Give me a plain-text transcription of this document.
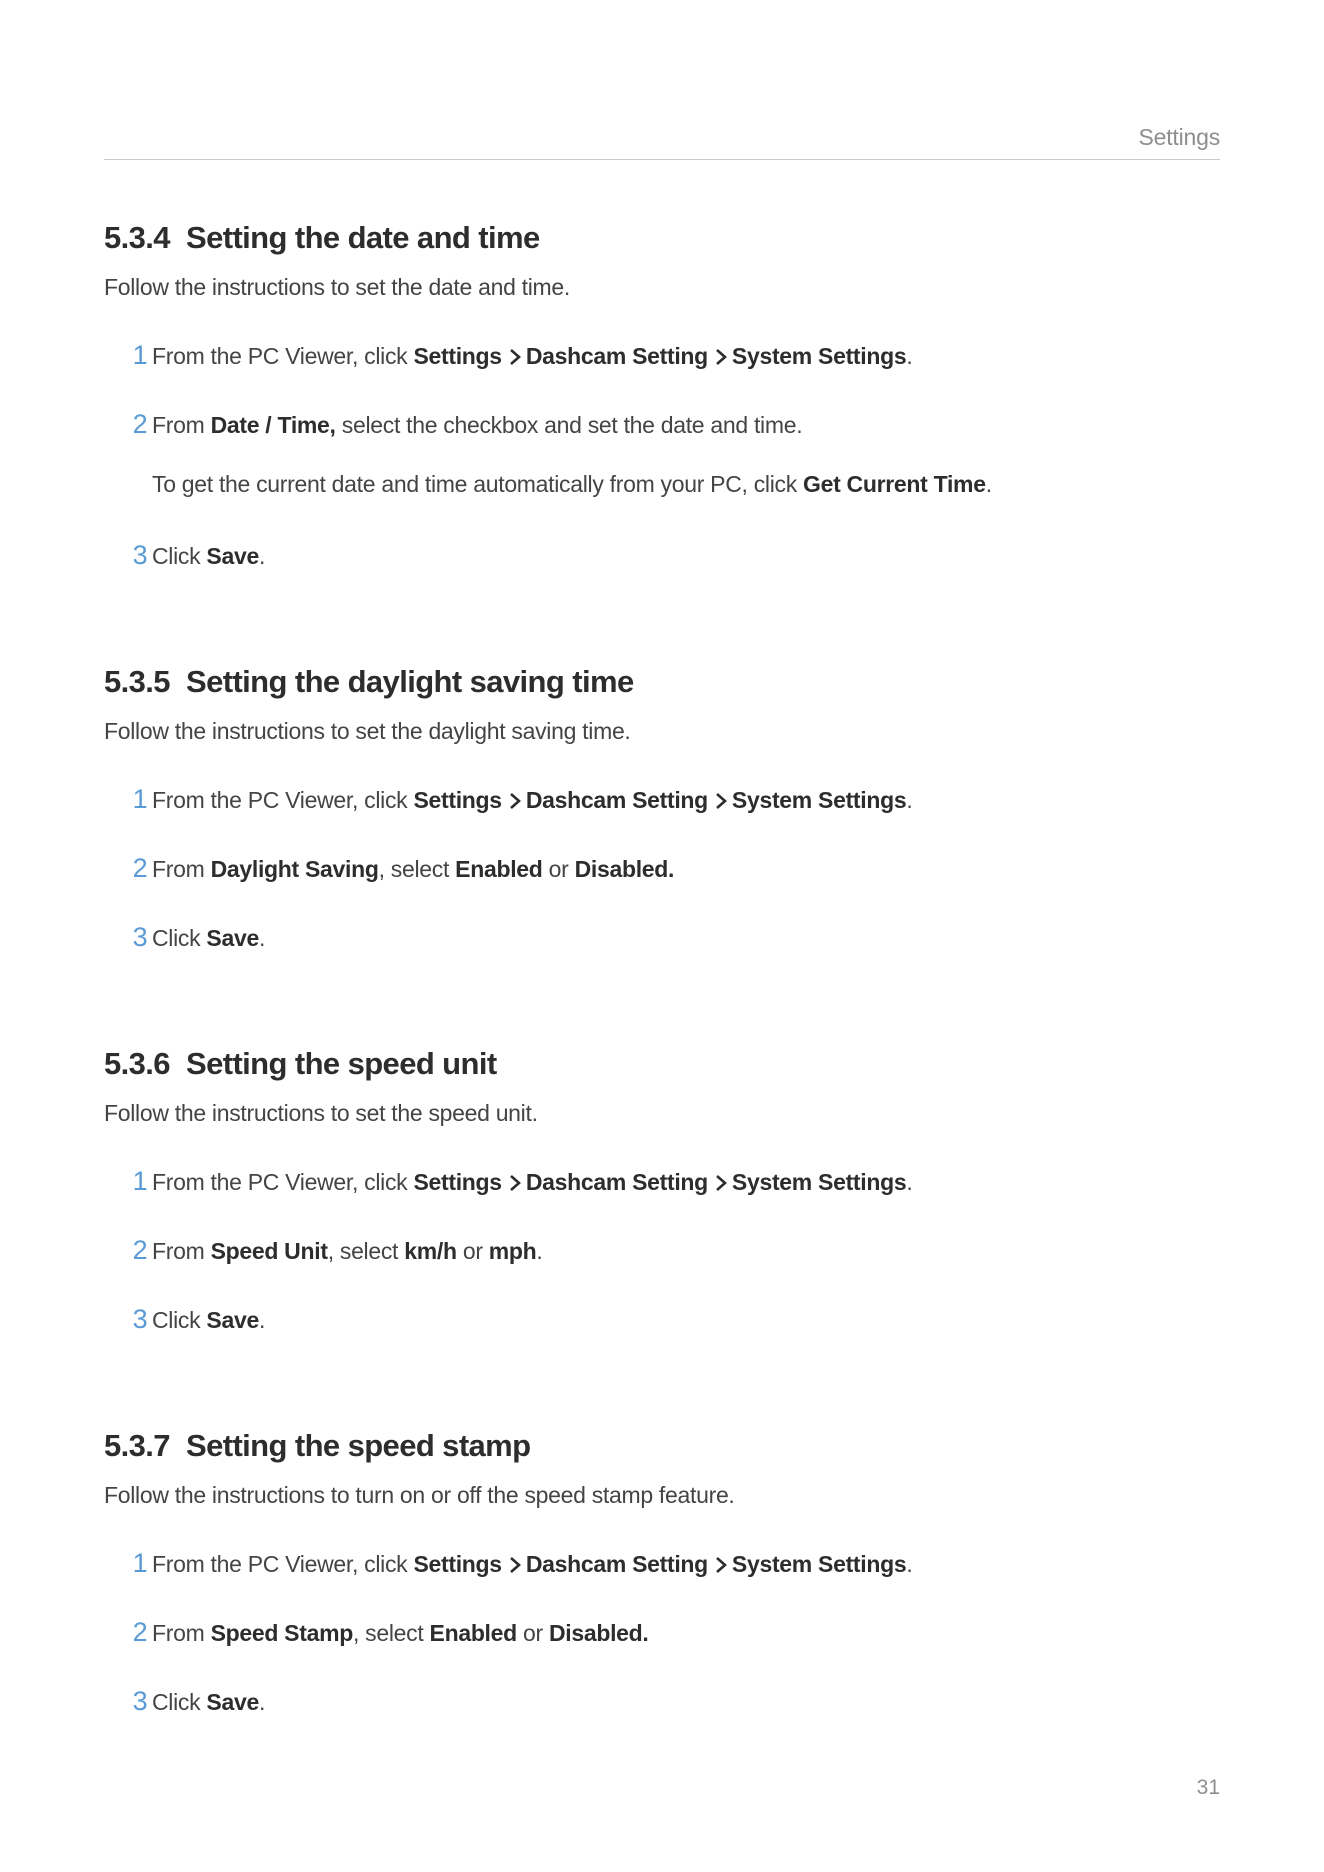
Settings
5.3.4 Setting the date and time
Follow the instructions to set the date and time.
1 From the PC Viewer, click Settings Dashcam Setting System Settings.
2 From Date / Time, select the checkbox and set the date and time.
To get the current date and time automatically from your PC, click Get Current Time.
3 Click Save.
5.3.5 Setting the daylight saving time
Follow the instructions to set the daylight saving time.
1 From the PC Viewer, click Settings Dashcam Setting System Settings.
2 From Daylight Saving, select Enabled or Disabled.
3 Click Save.
5.3.6 Setting the speed unit
Follow the instructions to set the speed unit.
1 From the PC Viewer, click Settings Dashcam Setting System Settings.
2 From Speed Unit, select km/h or mph.
3 Click Save.
5.3.7 Setting the speed stamp
Follow the instructions to turn on or off the speed stamp feature.
1 From the PC Viewer, click Settings Dashcam Setting System Settings.
2 From Speed Stamp, select Enabled or Disabled.
3 Click Save.
31
